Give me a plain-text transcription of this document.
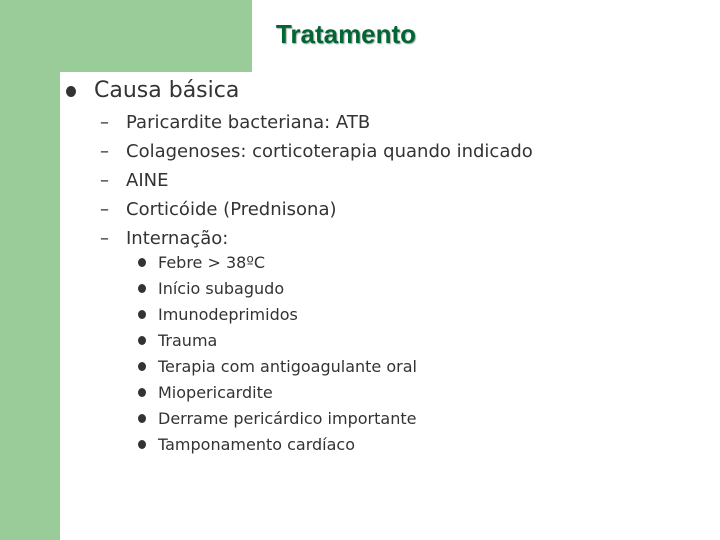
Tratamento
Causa básica
– Paricardite bacteriana: ATB
– Colagenoses: corticoterapia quando indicado
– AINE
– Corticóide (Prednisona)
– Internação:
Febre > 38ºC
Início subagudo
Imunodeprimidos
Trauma
Terapia com antigoagulante oral
Miopericardite
Derrame pericárdico importante
Tamponamento cardíaco
